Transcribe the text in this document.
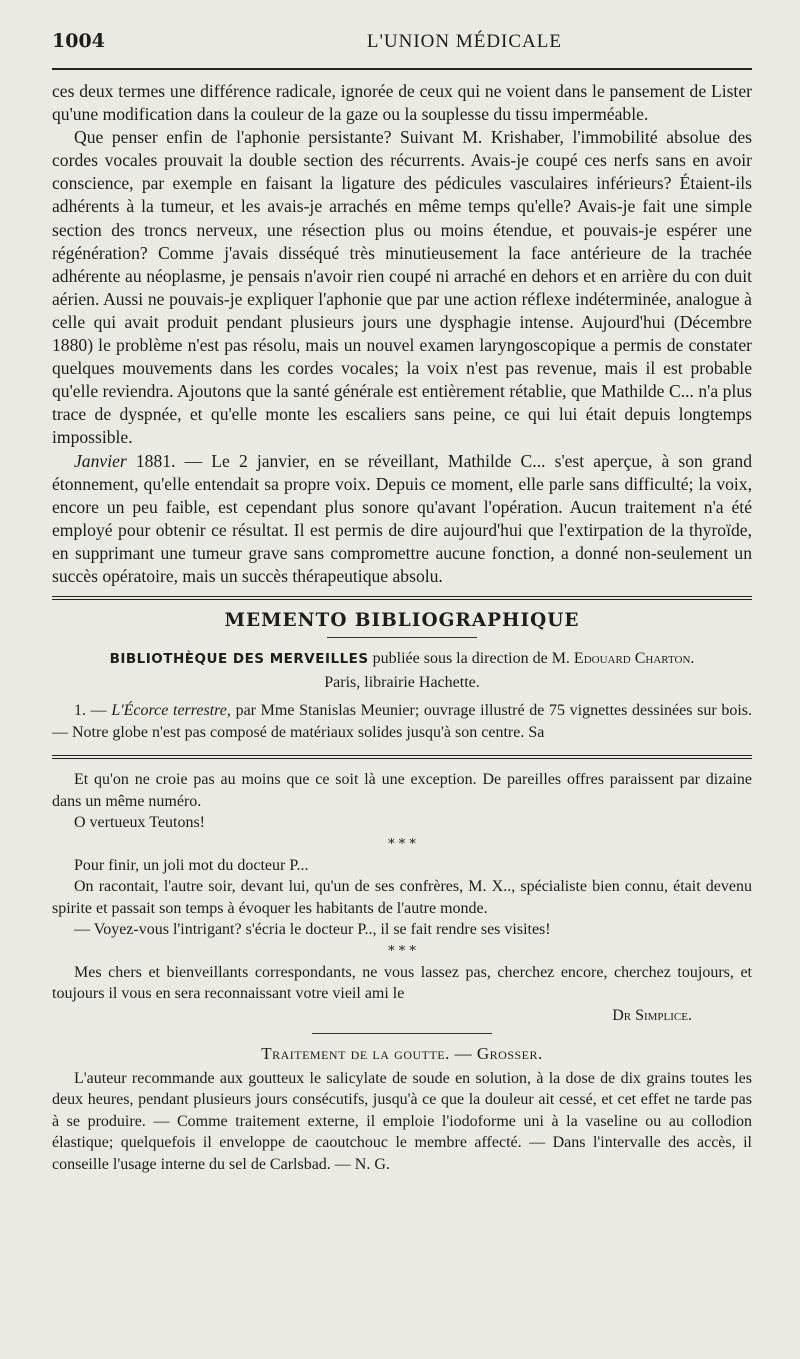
1004	L'UNION MÉDICALE

ces deux termes une différence radicale, ignorée de ceux qui ne voient dans le pansement de Lister qu'une modification dans la couleur de la gaze ou la souplesse du tissu imperméable.

Que penser enfin de l'aphonie persistante? Suivant M. Krishaber, l'immobilité absolue des cordes vocales prouvait la double section des récurrents. Avais-je coupé ces nerfs sans en avoir conscience, par exemple en faisant la ligature des pédicules vasculaires inférieurs? Étaient-ils adhérents à la tumeur, et les avais-je arrachés en même temps qu'elle? Avais-je fait une simple section des troncs nerveux, une résection plus ou moins étendue, et pouvais-je espérer une régénération? Comme j'avais disséqué très minutieusement la face antérieure de la trachée adhérente au néoplasme, je pensais n'avoir rien coupé ni arraché en dehors et en arrière du con duit aérien. Aussi ne pouvais-je expliquer l'aphonie que par une action réflexe indéterminée, analogue à celle qui avait produit pendant plusieurs jours une dysphagie intense. Aujourd'hui (Décembre 1880) le problème n'est pas résolu, mais un nouvel examen laryngoscopique a permis de constater quelques mouvements dans les cordes vocales; la voix n'est pas revenue, mais il est probable qu'elle reviendra. Ajoutons que la santé générale est entièrement rétablie, que Mathilde C... n'a plus trace de dyspnée, et qu'elle monte les escaliers sans peine, ce qui lui était depuis longtemps impossible.

Janvier 1881. — Le 2 janvier, en se réveillant, Mathilde C... s'est aperçue, à son grand étonnement, qu'elle entendait sa propre voix. Depuis ce moment, elle parle sans difficulté; la voix, encore un peu faible, est cependant plus sonore qu'avant l'opération. Aucun traitement n'a été employé pour obtenir ce résultat. Il est permis de dire aujourd'hui que l'extirpation de la thyroïde, en supprimant une tumeur grave sans compromettre aucune fonction, a donné non-seulement un succès opératoire, mais un succès thérapeutique absolu.

MEMENTO BIBLIOGRAPHIQUE

BIBLIOTHÈQUE DES MERVEILLES publiée sous la direction de M. Edouard Charton.

Paris, librairie Hachette.

1. — L'Écorce terrestre, par Mme Stanislas Meunier; ouvrage illustré de 75 vignettes dessinées sur bois. — Notre globe n'est pas composé de matériaux solides jusqu'à son centre. Sa

Et qu'on ne croie pas au moins que ce soit là une exception. De pareilles offres paraissent par dizaine dans un même numéro.

O vertueux Teutons!

* * *

Pour finir, un joli mot du docteur P...

On racontait, l'autre soir, devant lui, qu'un de ses confrères, M. X.., spécialiste bien connu, était devenu spirite et passait son temps à évoquer les habitants de l'autre monde.

— Voyez-vous l'intrigant? s'écria le docteur P.., il se fait rendre ses visites!

* * *

Mes chers et bienveillants correspondants, ne vous lassez pas, cherchez encore, cherchez toujours, et toujours il vous en sera reconnaissant votre vieil ami le

Dr Simplice.

Traitement de la goutte. — Grosser.

L'auteur recommande aux goutteux le salicylate de soude en solution, à la dose de dix grains toutes les deux heures, pendant plusieurs jours consécutifs, jusqu'à ce que la douleur ait cessé, et cet effet ne tarde pas à se produire. — Comme traitement externe, il emploie l'iodoforme uni à la vaseline ou au collodion élastique; quelquefois il enveloppe de caoutchouc le membre affecté. — Dans l'intervalle des accès, il conseille l'usage interne du sel de Carlsbad. — N. G.
